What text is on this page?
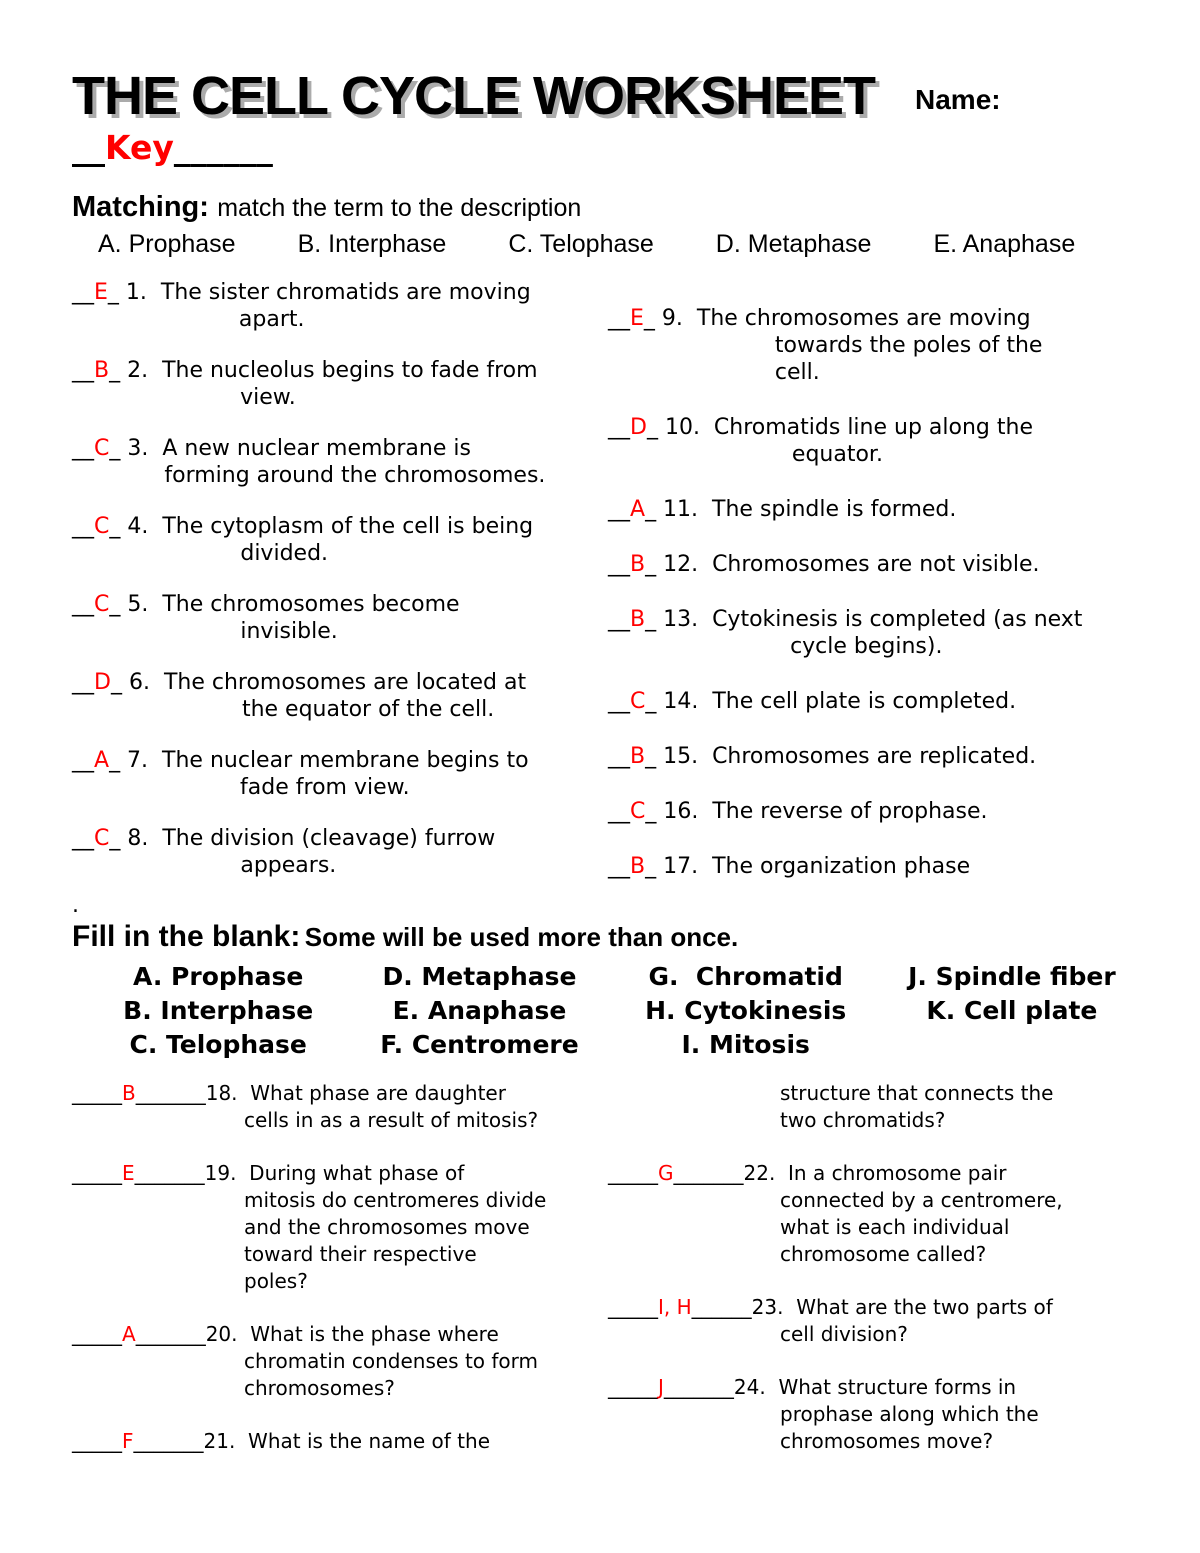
THE CELL CYCLE WORKSHEET Name:
__Key______
Matching: match the term to the description
A. Prophase B. Interphase C. Telophase D. Metaphase E. Anaphase
__E_ 1. The sister chromatids are moving
apart.
__B_ 2. The nucleolus begins to fade from
view.
__C_ 3. A new nuclear membrane is
forming around the chromosomes.
__C_ 4. The cytoplasm of the cell is being
divided.
__C_ 5. The chromosomes become
invisible.
__D_ 6. The chromosomes are located at
the equator of the cell.
__A_ 7. The nuclear membrane begins to
fade from view.
__C_ 8. The division (cleavage) furrow
appears.
__E_ 9. The chromosomes are moving
towards the poles of the
cell.
__D_ 10. Chromatids line up along the
equator.
__A_ 11. The spindle is formed.
__B_ 12. Chromosomes are not visible.
__B_ 13. Cytokinesis is completed (as next
cycle begins).
__C_ 14. The cell plate is completed.
__B_ 15. Chromosomes are replicated.
__C_ 16. The reverse of prophase.
__B_ 17. The organization phase
.
Fill in the blank: Some will be used more than once.
A. Prophase
B. Interphase
C. Telophase
D. Metaphase
E. Anaphase
F. Centromere
G.  Chromatid
H. Cytokinesis
I. Mitosis
J. Spindle fiber
K. Cell plate
_____B_______18.  What phase are daughter
cells in as a result of mitosis?
_____E_______19.  During what phase of
mitosis do centromeres divide
and the chromosomes move
toward their respective
poles?
_____A_______20.  What is the phase where
chromatin condenses to form
chromosomes?
_____F_______21.  What is the name of the
structure that connects the
two chromatids?
_____G_______22.  In a chromosome pair
connected by a centromere,
what is each individual
chromosome called?
_____I, H______23.  What are the two parts of
cell division?
_____J_______24.  What structure forms in
prophase along which the
chromosomes move?
